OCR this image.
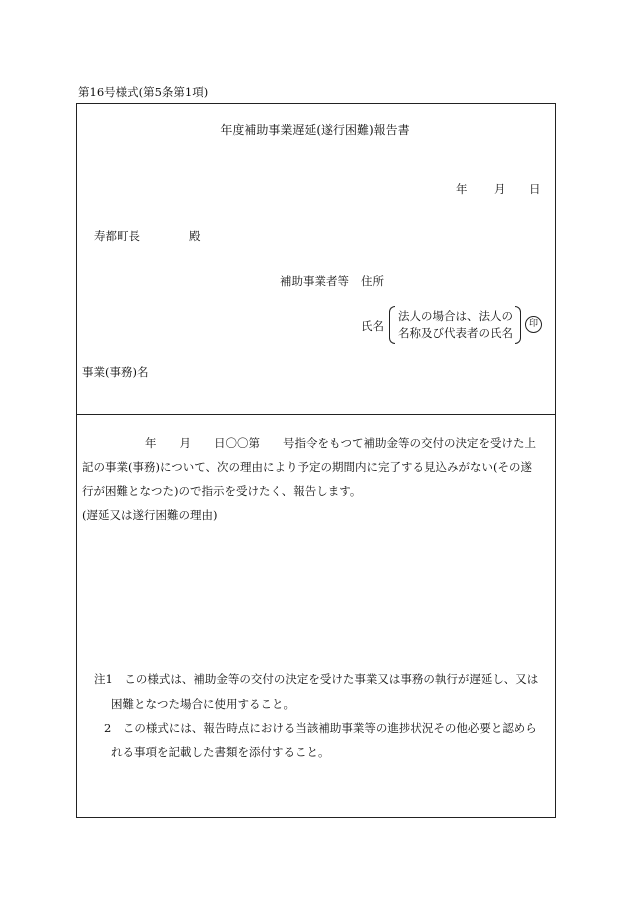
第16号様式(第5条第1項)
年度補助事業遅延(遂行困難)報告書
年 月 日
寿都町長	殿
補助事業者等 住所
氏名
法人の場合は、法人の
名称及び代表者の氏名
印
事業(事務)名
年　　月　　日〇〇第　　号指令をもつて補助金等の交付の決定を受けた上
記の事業(事務)について、次の理由により予定の期間内に完了する見込みがない(その遂
行が困難となつた)ので指示を受けたく、報告します。
(遅延又は遂行困難の理由)
注1　この様式は、補助金等の交付の決定を受けた事業又は事務の執行が遅延し、又は
困難となつた場合に使用すること。
2　この様式には、報告時点における当該補助事業等の進捗状況その他必要と認めら
れる事項を記載した書類を添付すること。
